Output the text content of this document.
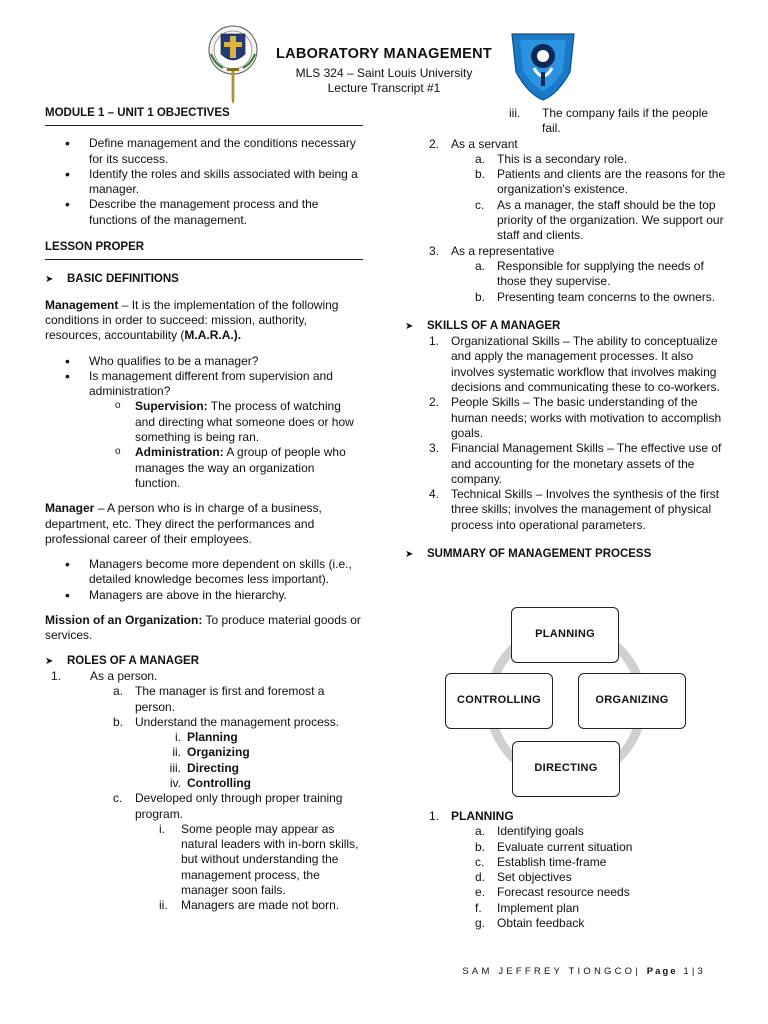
LABORATORY MANAGEMENT
MLS 324 – Saint Louis University
Lecture Transcript #1
MODULE 1 – UNIT 1 OBJECTIVES
• Define management and the conditions necessary for its success.
• Identify the roles and skills associated with being a manager.
• Describe the management process and the functions of the management.
LESSON PROPER
➤	BASIC DEFINITIONS

Management – It is the implementation of the following conditions in order to succeed: mission, authority, resources, accountability (M.A.R.A.).

• Who qualifies to be a manager?
• Is management different from supervision and administration?
o Supervision: The process of watching and directing what someone does or how something is being ran.
o Administration: A group of people who manages the way an organization function.

Manager – A person who is in charge of a business, department, etc. They direct the performances and professional career of their employees.

• Managers become more dependent on skills (i.e., detailed knowledge becomes less important).
• Managers are above in the hierarchy.

Mission of an Organization: To produce material goods or services.

➤	ROLES OF A MANAGER
1.	As a person.
a. The manager is first and foremost a person.
b. Understand the management process.
i. Planning
ii. Organizing
iii. Directing
iv. Controlling
c.	Developed only through proper training program.
i.	Some people may appear as natural leaders with in-born skills, but without understanding the management process, the manager soon fails.
ii.	Managers are made not born.
iii.	The company fails if the people fail.
2. As a servant
a. This is a secondary role.
b. Patients and clients are the reasons for the organization's existence.
c.	As a manager, the staff should be the top priority of the organization. We support our staff and clients.
3. As a representative
a. Responsible for supplying the needs of those they supervise.
b. Presenting team concerns to the owners.
➤	SKILLS OF A MANAGER
1. Organizational Skills – The ability to conceptualize and apply the management processes. It also involves systematic workflow that involves making decisions and communicating these to co-workers.
2. People Skills – The basic understanding of the human needs; works with motivation to accomplish goals.
3. Financial Management Skills – The effective use of and accounting for the monetary assets of the company.
4. Technical Skills – Involves the synthesis of the first three skills; involves the management of physical process into operational parameters.
➤	SUMMARY OF MANAGEMENT PROCESS
PLANNING
ORGANIZING
DIRECTING
CONTROLLING
1. PLANNING
a. Identifying goals
b. Evaluate current situation
c.	Establish time-frame
d. Set objectives
e. Forecast resource needs
f.	Implement plan
g. Obtain feedback
SAM JEFFREY TIONGCO| Page 1|3
